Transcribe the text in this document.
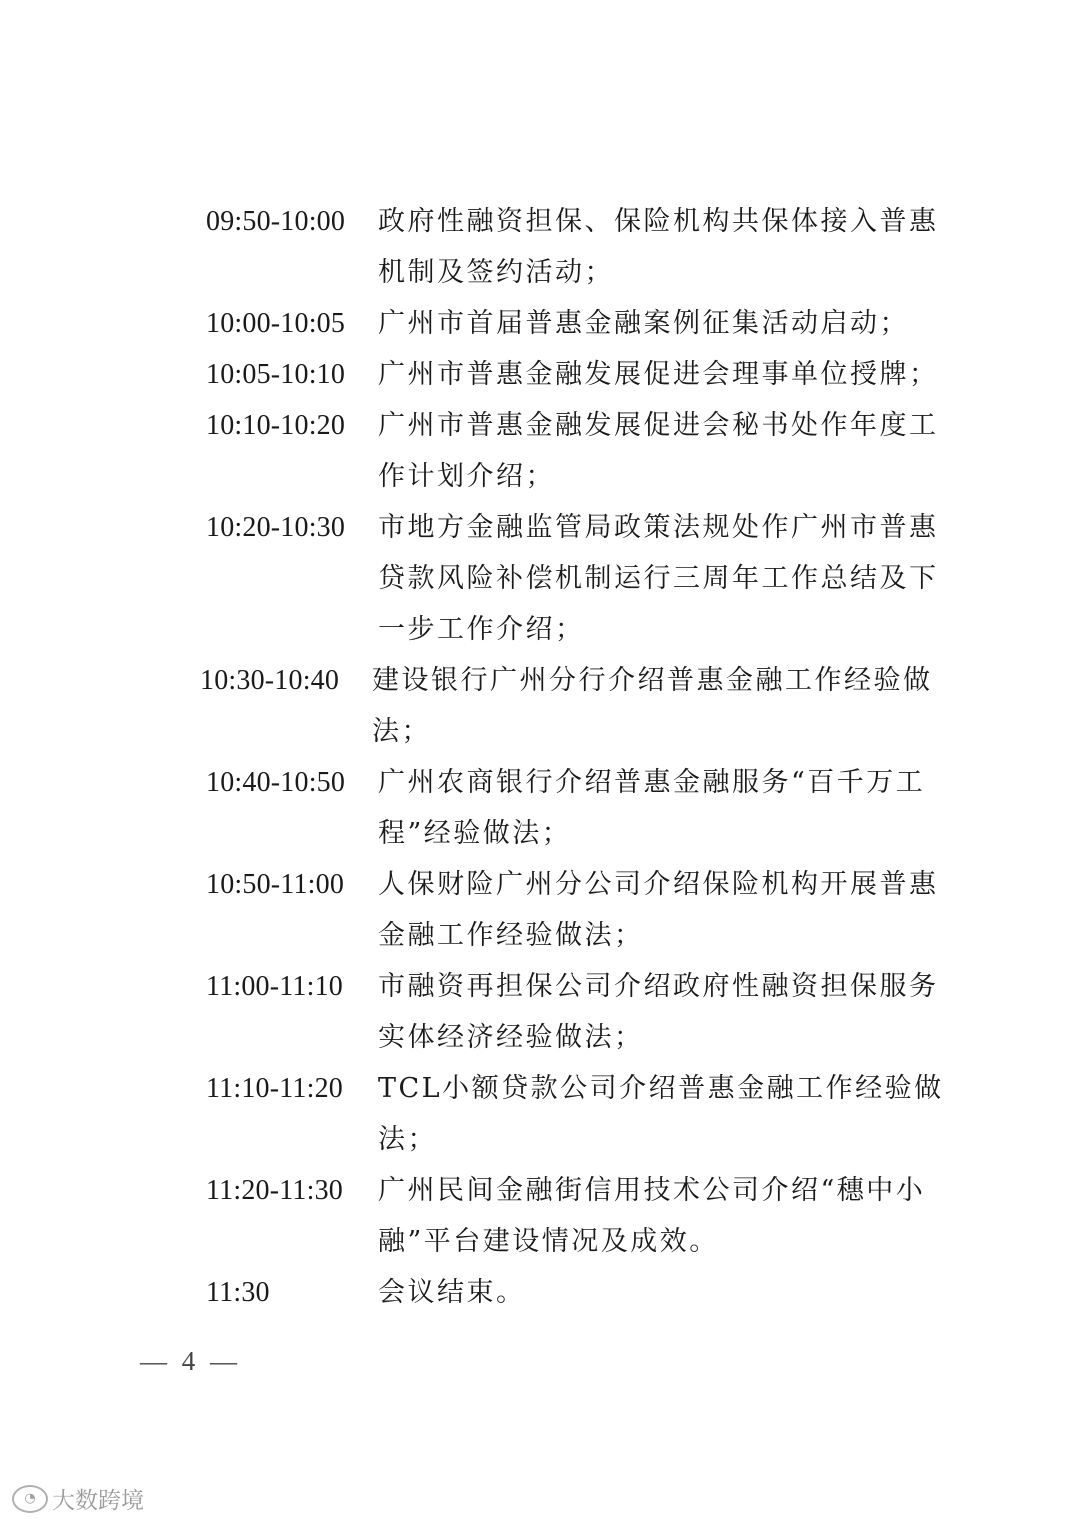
09:50-10:00	政府性融资担保、保险机构共保体接入普惠机制及签约活动；
10:00-10:05	广州市首届普惠金融案例征集活动启动；
10:05-10:10	广州市普惠金融发展促进会理事单位授牌；
10:10-10:20	广州市普惠金融发展促进会秘书处作年度工作计划介绍；
10:20-10:30	市地方金融监管局政策法规处作广州市普惠贷款风险补偿机制运行三周年工作总结及下一步工作介绍；
10:30-10:40	建设银行广州分行介绍普惠金融工作经验做法；
10:40-10:50	广州农商银行介绍普惠金融服务“百千万工程”经验做法；
10:50-11:00	人保财险广州分公司介绍保险机构开展普惠金融工作经验做法；
11:00-11:10	市融资再担保公司介绍政府性融资担保服务实体经济经验做法；
11:10-11:20	TCL小额贷款公司介绍普惠金融工作经验做法；
11:20-11:30	广州民间金融街信用技术公司介绍“穗中小融”平台建设情况及成效。
11:30	会议结束。
— 4 —
◔ 大数跨境
